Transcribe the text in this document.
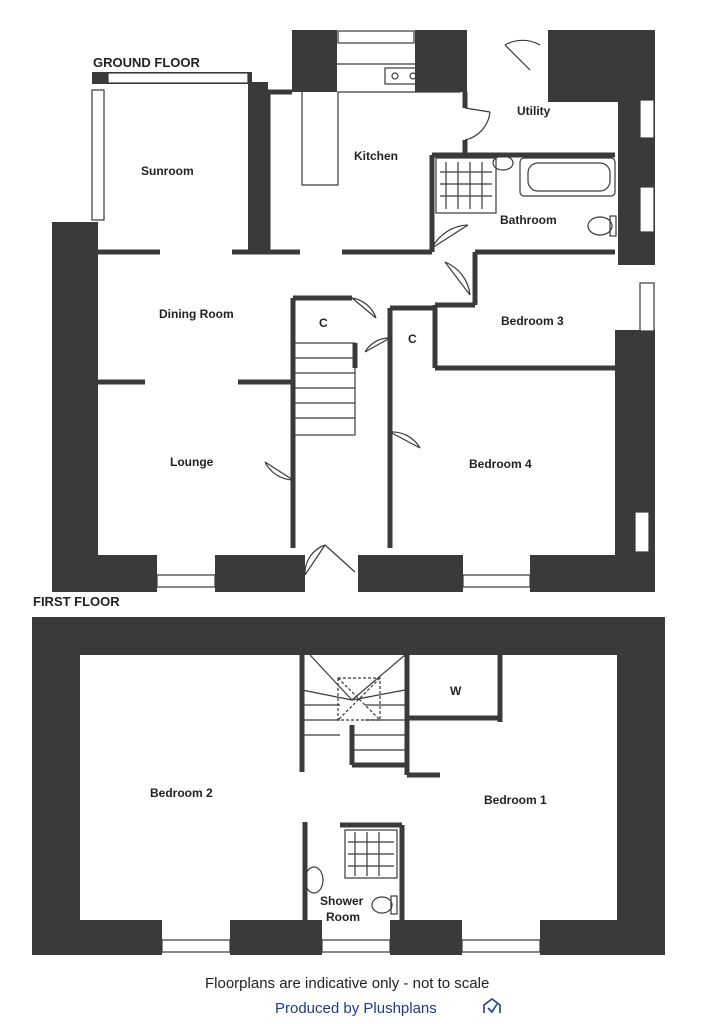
GROUND FLOOR
Sunroom
Kitchen
Utility
Bathroom
Dining Room
C
C
Bedroom 3
Lounge	Bedroom 4
FIRST FLOOR
W
Bedroom 2	Bedroom 1
Shower
Room
Floorplans are indicative only - not to scale
Produced by Plushplans
